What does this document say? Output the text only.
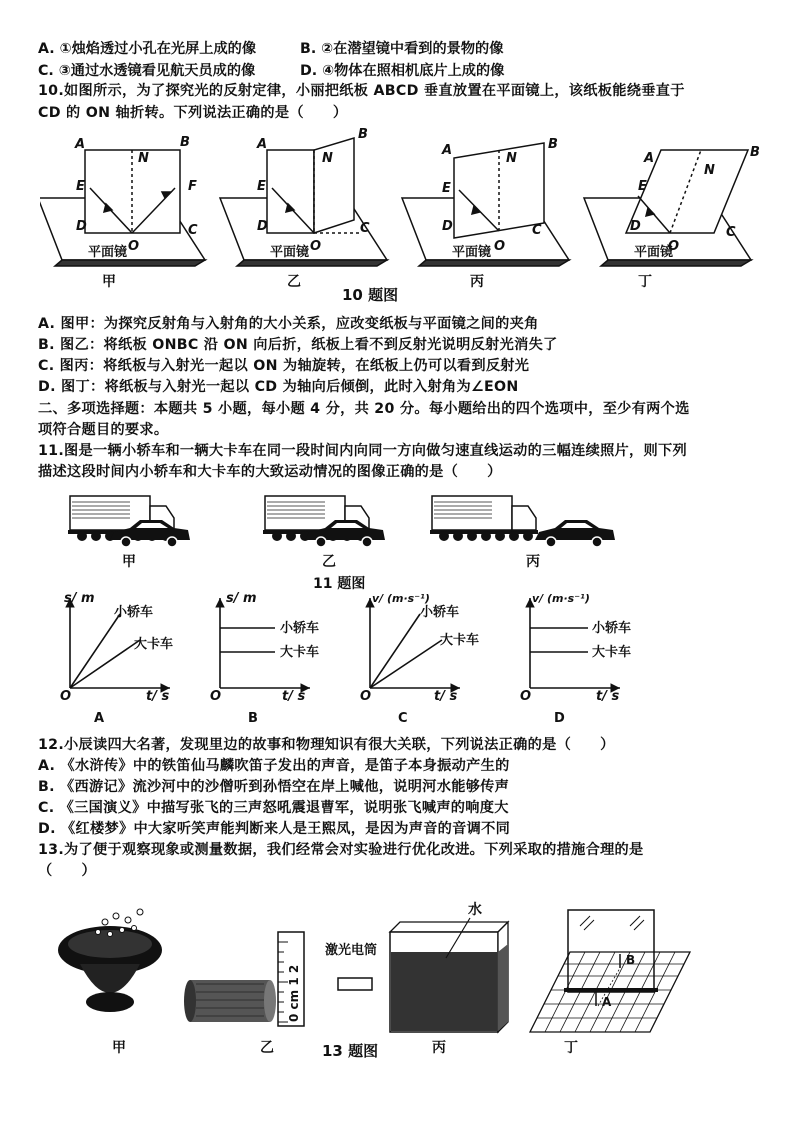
A. ①烛焰透过小孔在光屏上成的像	B. ②在潜望镜中看到的景物的像
C. ③通过水透镜看见航天员成的像	D. ④物体在照相机底片上成的像
10.如图所示，为了探究光的反射定律，小丽把纸板 ABCD 垂直放置在平面镜上，该纸板能绕垂直于
CD 的 ON 轴折转。下列说法正确的是（　　）
A	B
E	F
N
D	C
O
A
B
E
N
D	C
O
A	B
E
N
D	C
O
A	B
E
N
D	C
O
平面镜	平面镜	平面镜	平面镜
甲	乙	丙	丁
10 题图
A. 图甲：为探究反射角与入射角的大小关系，应改变纸板与平面镜之间的夹角
B. 图乙：将纸板 ONBC 沿 ON 向后折，纸板上看不到反射光说明反射光消失了
C. 图丙：将纸板与入射光一起以 ON 为轴旋转，在纸板上仍可以看到反射光
D. 图丁：将纸板与入射光一起以 CD 为轴向后倾倒，此时入射角为∠EON
二、多项选择题：本题共 5 小题，每小题 4 分，共 20 分。每小题给出的四个选项中，至少有两个选
项符合题目的要求。
11.图是一辆小轿车和一辆大卡车在同一段时间内向同一方向做匀速直线运动的三幅连续照片，则下列
描述这段时间内小轿车和大卡车的大致运动情况的图像正确的是（　　）
甲	乙	丙
11 题图
s/ m
小轿车
大卡车
O	t/ s
A
s/ m
小轿车
大卡车
O	t/ s
B
v/ (m·s⁻¹)
小轿车
大卡车
O	t/ s
C
v/ (m·s⁻¹)
小轿车
大卡车
O	t/ s
D
12.小辰读四大名著，发现里边的故事和物理知识有很大关联，下列说法正确的是（　　）
A. 《水浒传》中的铁笛仙马麟吹笛子发出的声音，是笛子本身振动产生的
B. 《西游记》流沙河中的沙僧听到孙悟空在岸上喊他，说明河水能够传声
C. 《三国演义》中描写张飞的三声怒吼震退曹军，说明张飞喊声的响度大
D. 《红楼梦》中大家听笑声能判断来人是王熙凤，是因为声音的音调不同
13.为了便于观察现象或测量数据，我们经常会对实验进行优化改进。下列采取的措施合理的是
（　　）
0 cm 1 2
激光电筒
水
B
A
甲	乙	丙	丁
13 题图
